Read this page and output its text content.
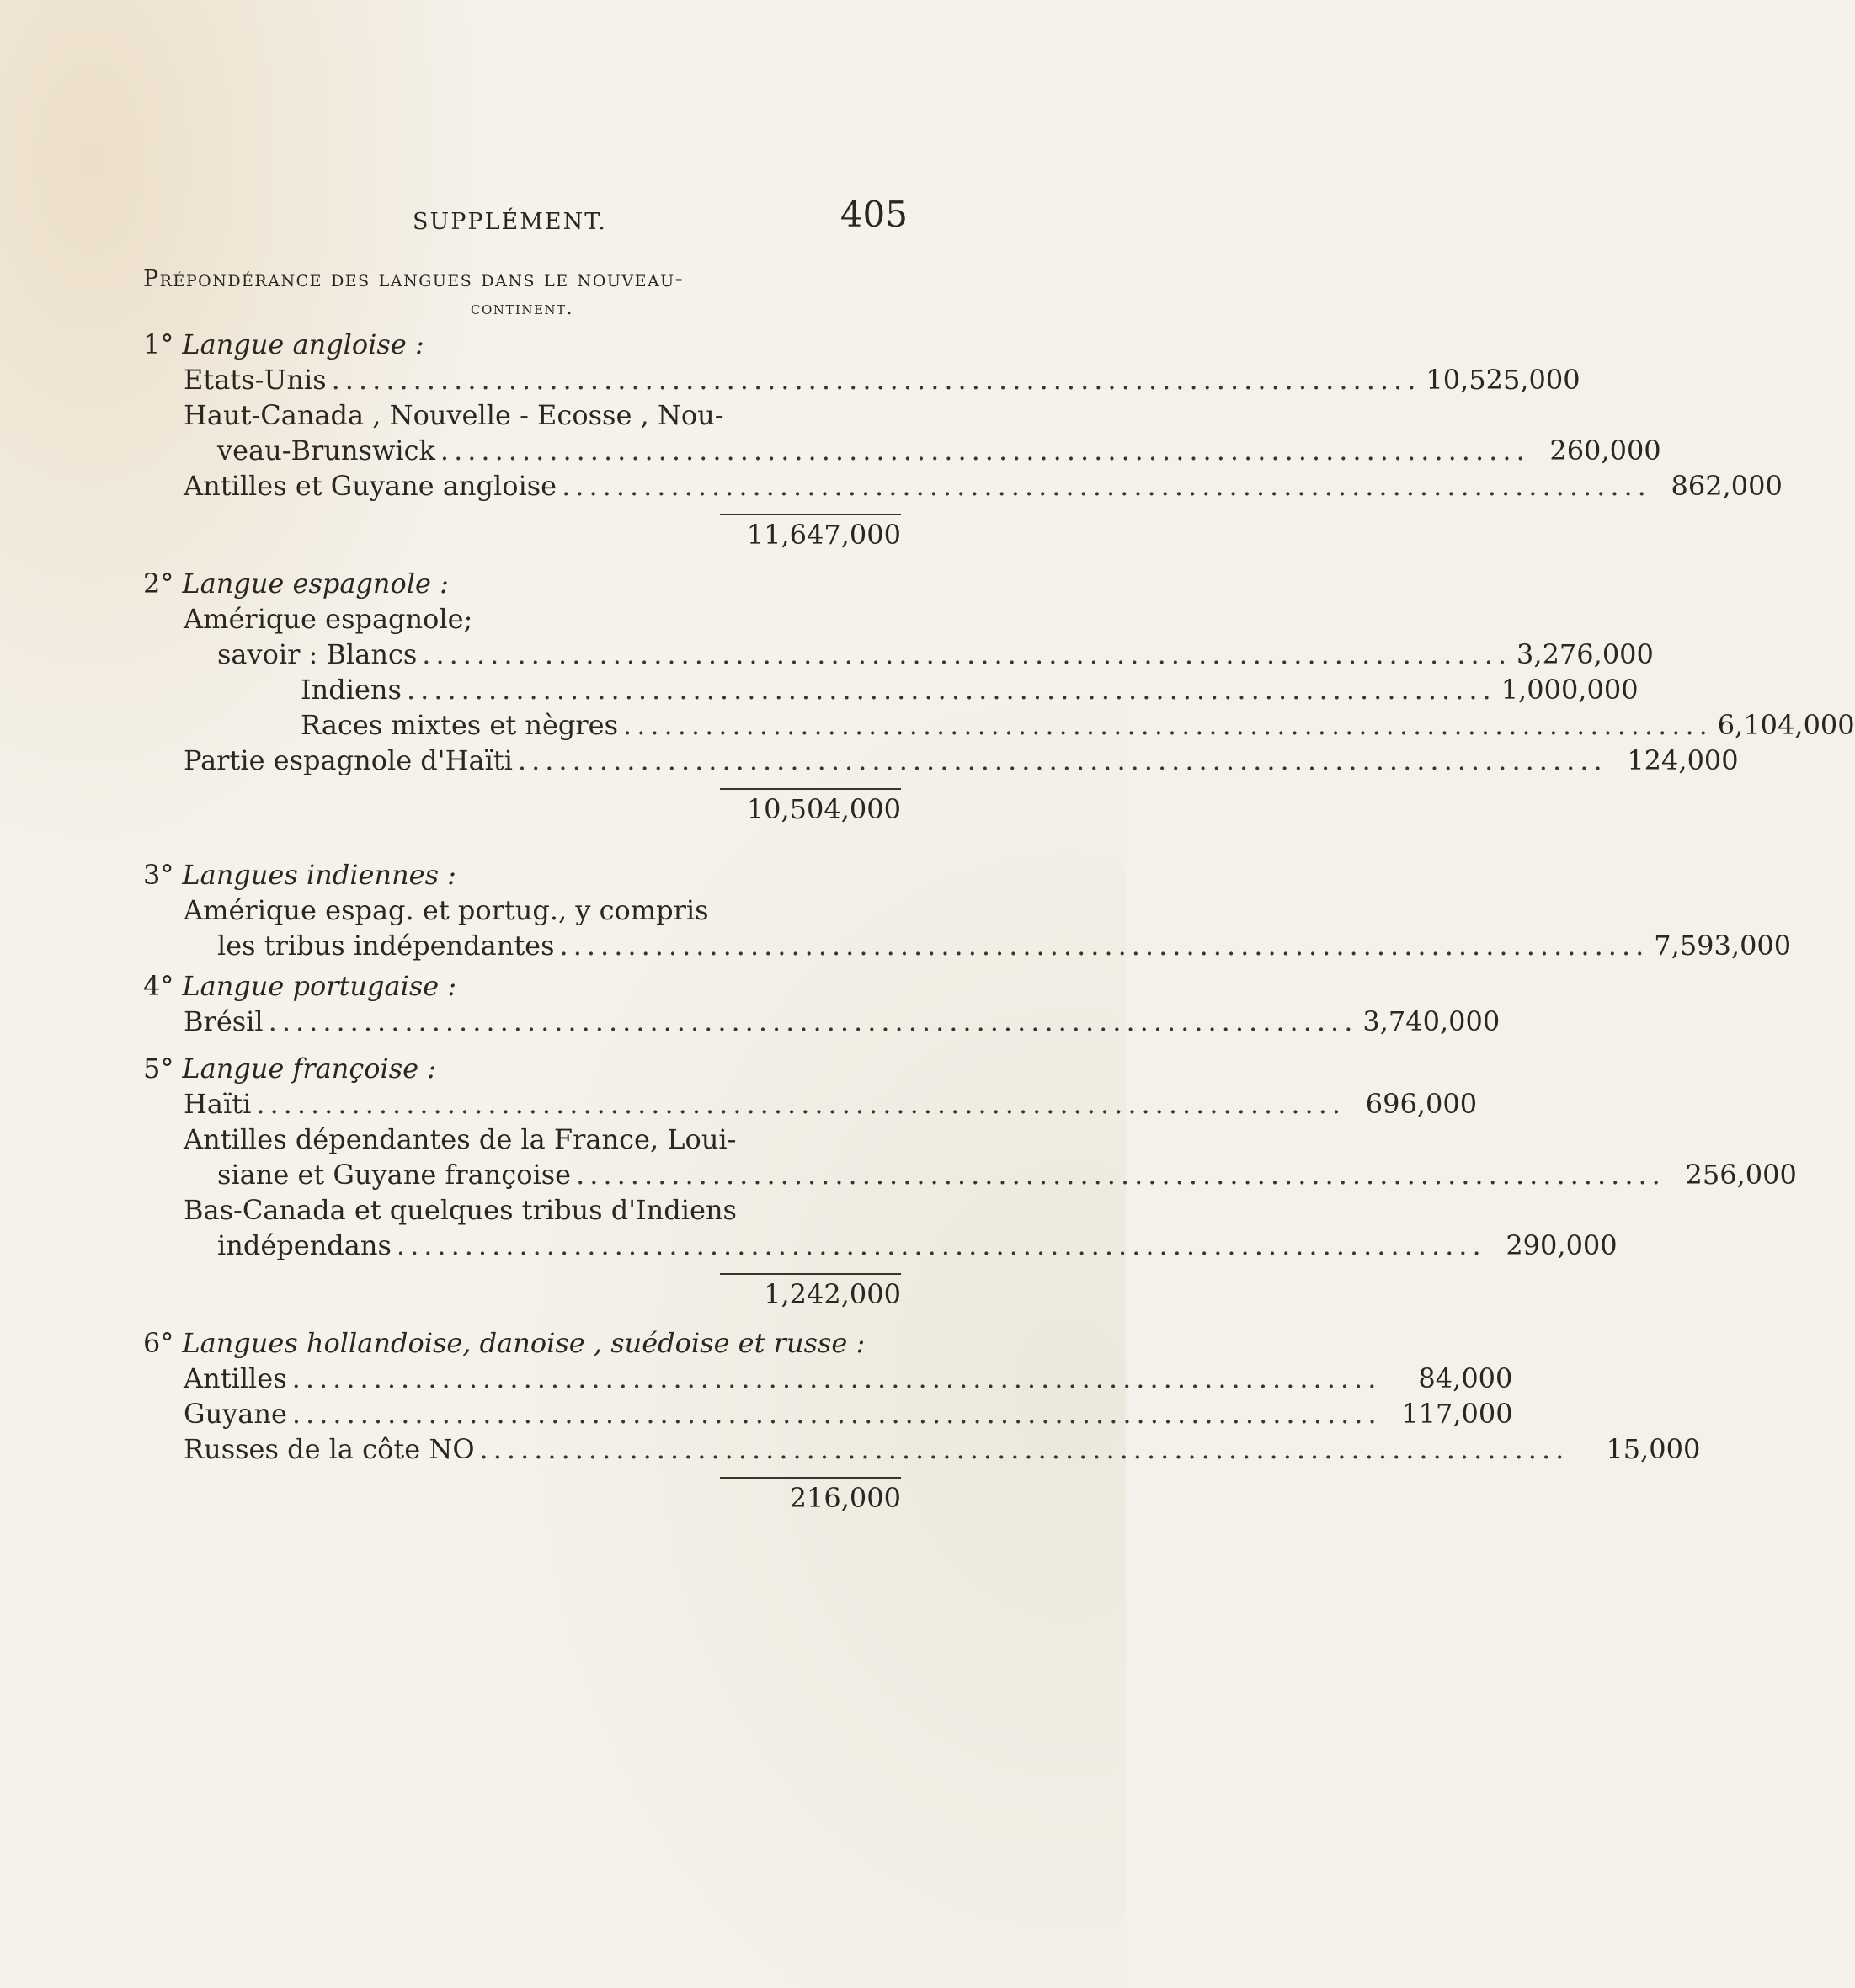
SUPPLÉMENT.	405
Prépondérance des langues dans le nouveau-
continent.
1° Langue angloise :
Etats-Unis ................................................................................ 10,525,000
Haut-Canada , Nouvelle - Ecosse , Nou-
veau-Brunswick ................................................................................ 260,000
Antilles et Guyane angloise ................................................................................ 862,000
11,647,000
2° Langue espagnole :
Amérique espagnole;
savoir : Blancs ................................................................................ 3,276,000
Indiens ................................................................................ 1,000,000
Races mixtes et nègres ................................................................................ 6,104,000
Partie espagnole d'Haïti ................................................................................ 124,000
10,504,000
3° Langues indiennes :
Amérique espag. et portug., y compris
les tribus indépendantes ................................................................................ 7,593,000
4° Langue portugaise :
Brésil ................................................................................ 3,740,000
5° Langue françoise :
Haïti ................................................................................ 696,000
Antilles dépendantes de la France, Loui-
siane et Guyane françoise ................................................................................ 256,000
Bas-Canada et quelques tribus d'Indiens
indépendans ................................................................................ 290,000
1,242,000
6° Langues hollandoise, danoise , suédoise et russe :
Antilles ................................................................................	84,000
Guyane ................................................................................ 117,000
Russes de la côte NO ................................................................................	15,000
216,000
